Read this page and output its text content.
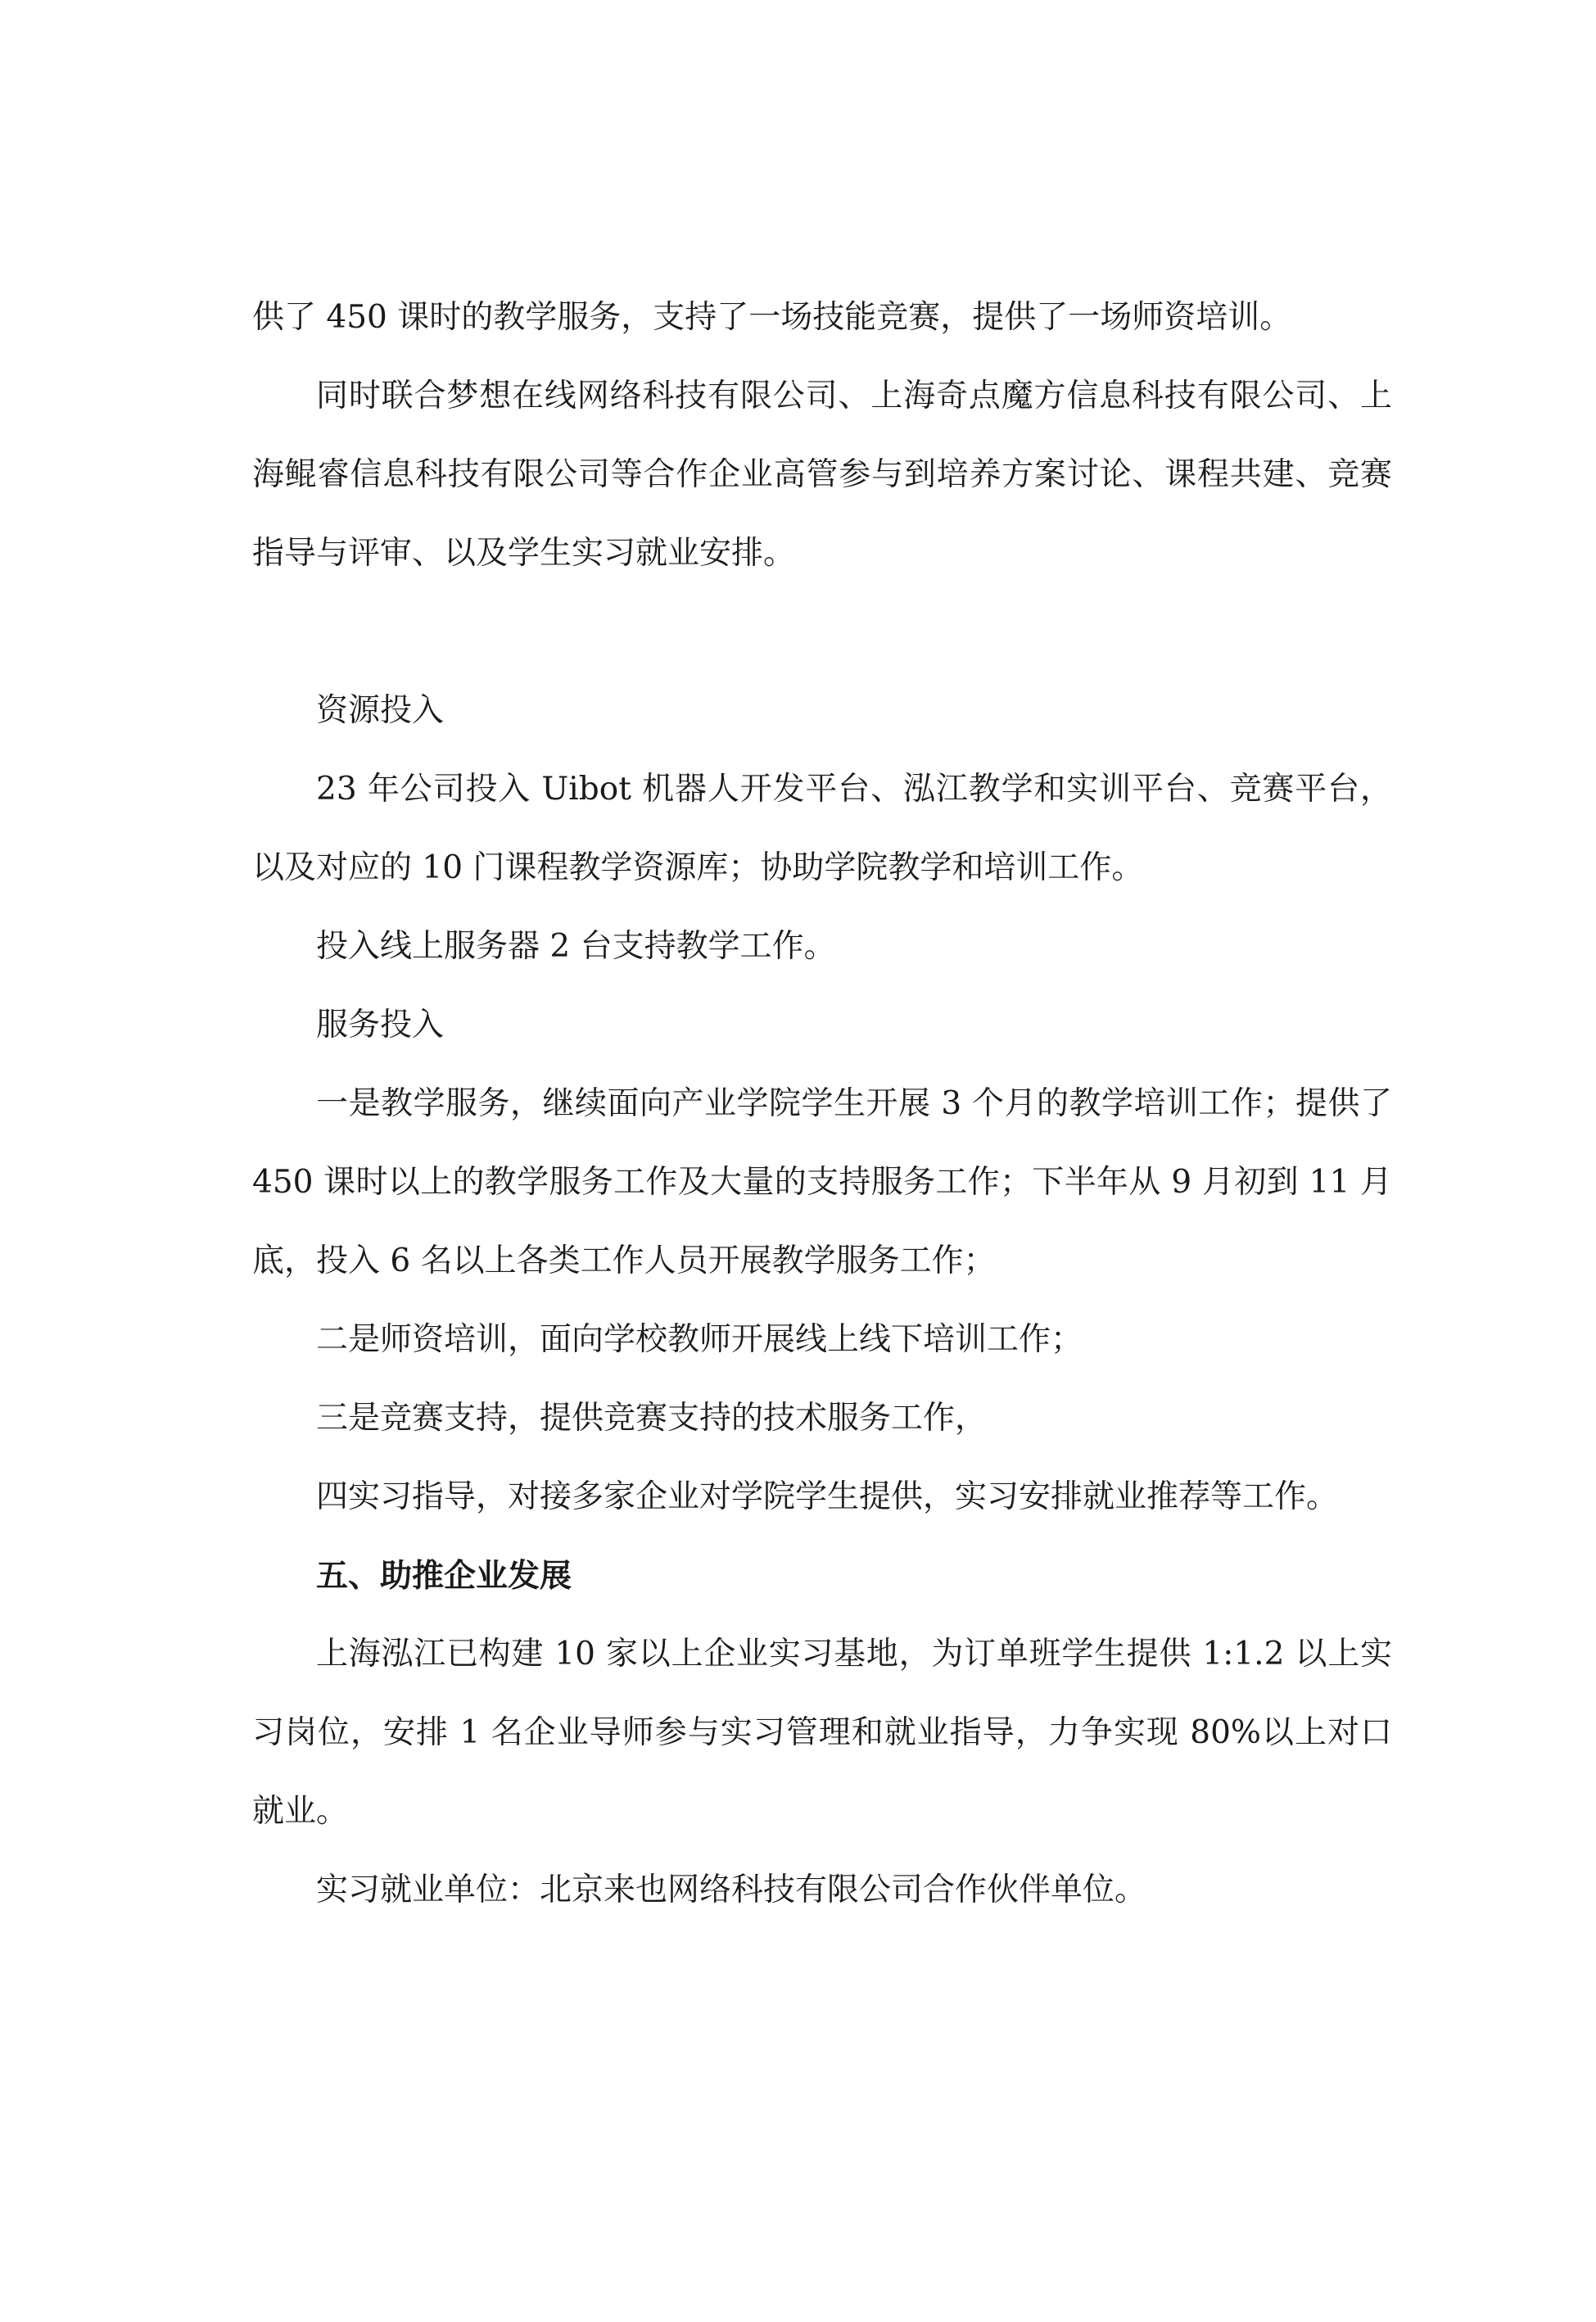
供了 450 课时的教学服务，支持了一场技能竞赛，提供了一场师资培训。

同时联合梦想在线网络科技有限公司、上海奇点魔方信息科技有限公司、上海鲲睿信息科技有限公司等合作企业高管参与到培养方案讨论、课程共建、竞赛指导与评审、以及学生实习就业安排。

资源投入

23 年公司投入 Uibot 机器人开发平台、泓江教学和实训平台、竞赛平台，以及对应的 10 门课程教学资源库；协助学院教学和培训工作。

投入线上服务器 2 台支持教学工作。

服务投入

一是教学服务，继续面向产业学院学生开展 3 个月的教学培训工作；提供了 450 课时以上的教学服务工作及大量的支持服务工作；下半年从 9 月初到 11 月底，投入 6 名以上各类工作人员开展教学服务工作；

二是师资培训，面向学校教师开展线上线下培训工作；

三是竞赛支持，提供竞赛支持的技术服务工作，

四实习指导，对接多家企业对学院学生提供，实习安排就业推荐等工作。

五、助推企业发展

上海泓江已构建 10 家以上企业实习基地，为订单班学生提供 1:1.2 以上实习岗位，安排 1 名企业导师参与实习管理和就业指导，力争实现 80%以上对口就业。

实习就业单位：北京来也网络科技有限公司合作伙伴单位。
